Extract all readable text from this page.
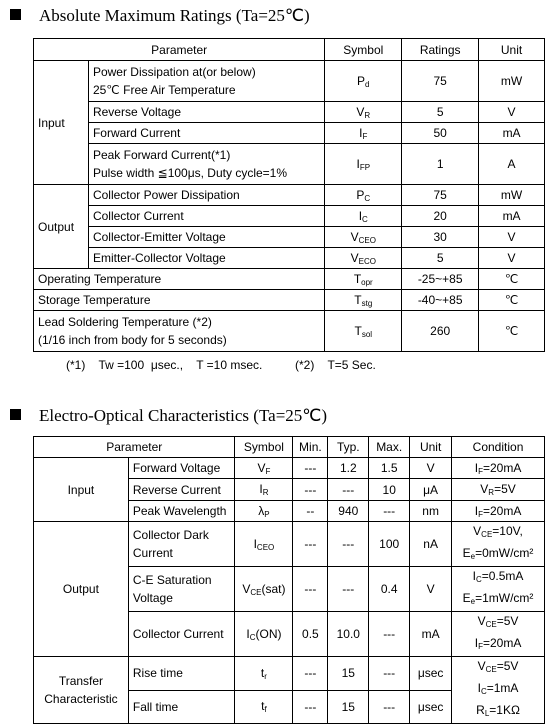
Absolute Maximum Ratings (Ta=25℃)
Parameter		Symbol	Ratings	Unit
Input	Power Dissipation at(or below)
25℃ Free Air Temperature	$P_d$	75	mW
	Reverse Voltage	$V_R$	5	V
	Forward Current	$I_F$	50	mA
	Peak Forward Current(*1)
Pulse width ≦100μs, Duty cycle=1%	$I_{FP}$	1	A
Output	Collector Power Dissipation	$P_C$	75	mW
	Collector Current	$I_C$	20	mA
	Collector-Emitter Voltage	$V_{CEO}$	30	V
	Emitter-Collector Voltage	$V_{ECO}$	5	V
Operating Temperature		$T_{opr}$	-25~+85	℃
Storage Temperature		$T_{stg}$	-40~+85	℃
Lead Soldering Temperature (*2)
(1/16 inch from body for 5 seconds)		$T_{sol}$	260	℃
(*1)    Tw =100  μsec.,    T =10 msec.	(*2)    T=5 Sec.
Electro-Optical Characteristics (Ta=25℃)
Parameter		Symbol	Min.	Typ.	Max.	Unit	Condition
Input	Forward Voltage	$V_F$	---	1.2	1.5	V	$I_F=20mA$
	Reverse Current	$I_R$	---	---	10	μA	$V_R=5V$
	Peak Wavelength	$\lambda_P$	--	940	---	nm	$I_F=20mA$
Output	Collector Dark
Current	$I_{CEO}$	---	---	100	nA	$V_{CE}=10V$,
$E_e=0mW$/cm²
	C-E Saturation
Voltage	$V_{CE}(sat)$	---	---	0.4	V	$I_C=0.5mA$
$E_e=1mW$/cm²
	Collector Current	$I_C(ON)$	0.5	10.0	---	mA	$V_{CE}=5V$
$I_F=20mA$
Transfer
Characteristic	Rise time	$t_r$	---	15	---	μsec	$V_{CE}=5V$
$I_C=1mA$
$R_L=1K\Omega$
	Fall time	$t_f$	---	15	---	μsec	
